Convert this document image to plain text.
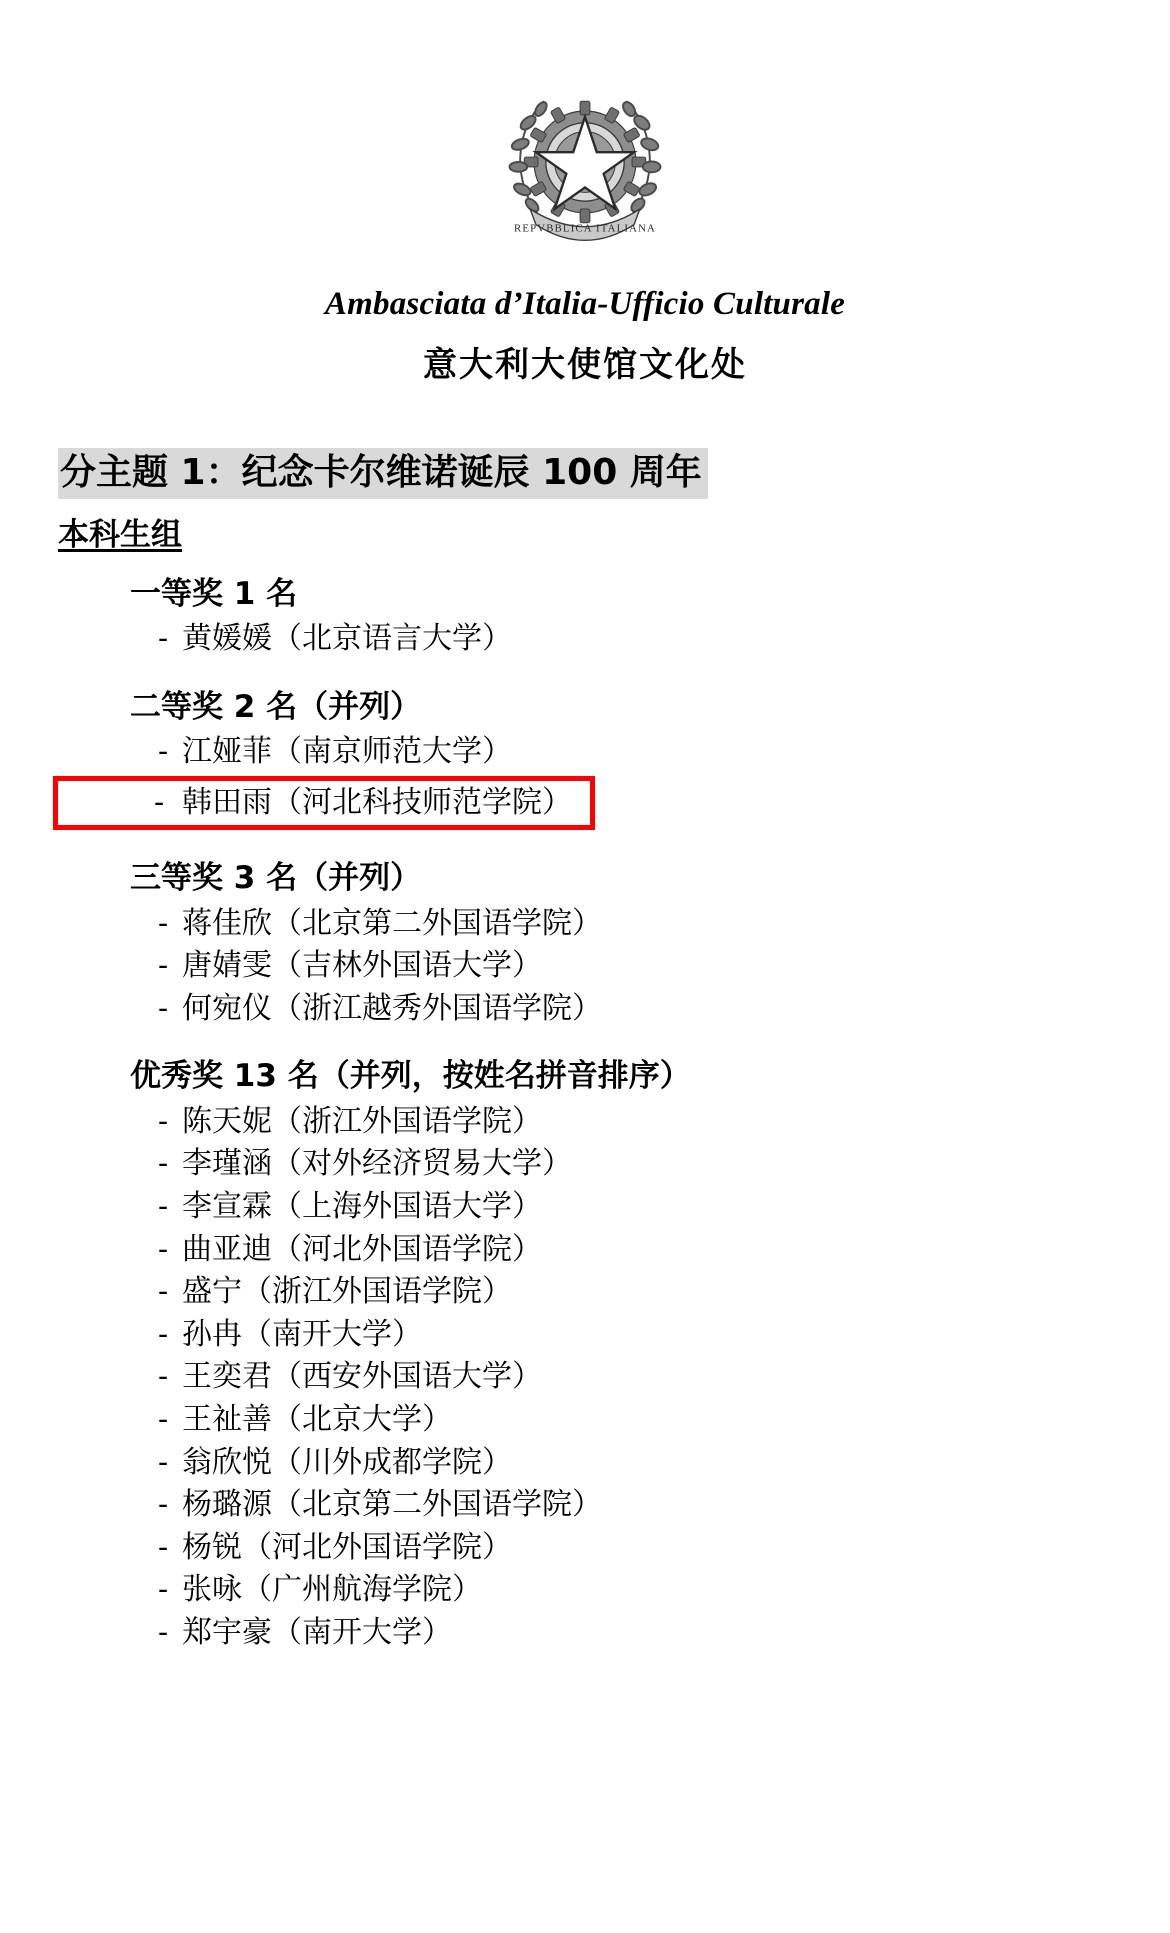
REPVBBLICA ITALIANA
Ambasciata d’Italia-Ufficio Culturale
意大利大使馆文化处
分主题 1：纪念卡尔维诺诞辰 100 周年
本科生组
一等奖 1 名
- 黄媛媛（北京语言大学）
二等奖 2 名（并列）
- 江娅菲（南京师范大学）
- 韩田雨（河北科技师范学院）
三等奖 3 名（并列）
- 蒋佳欣（北京第二外国语学院）
- 唐婧雯（吉林外国语大学）
- 何宛仪（浙江越秀外国语学院）
优秀奖 13 名（并列，按姓名拼音排序）
- 陈天妮（浙江外国语学院）
- 李瑾涵（对外经济贸易大学）
- 李宣霖（上海外国语大学）
- 曲亚迪（河北外国语学院）
- 盛宁（浙江外国语学院）
- 孙冉（南开大学）
- 王奕君（西安外国语大学）
- 王祉善（北京大学）
- 翁欣悦（川外成都学院）
- 杨璐源（北京第二外国语学院）
- 杨锐（河北外国语学院）
- 张咏（广州航海学院）
- 郑宇豪（南开大学）
